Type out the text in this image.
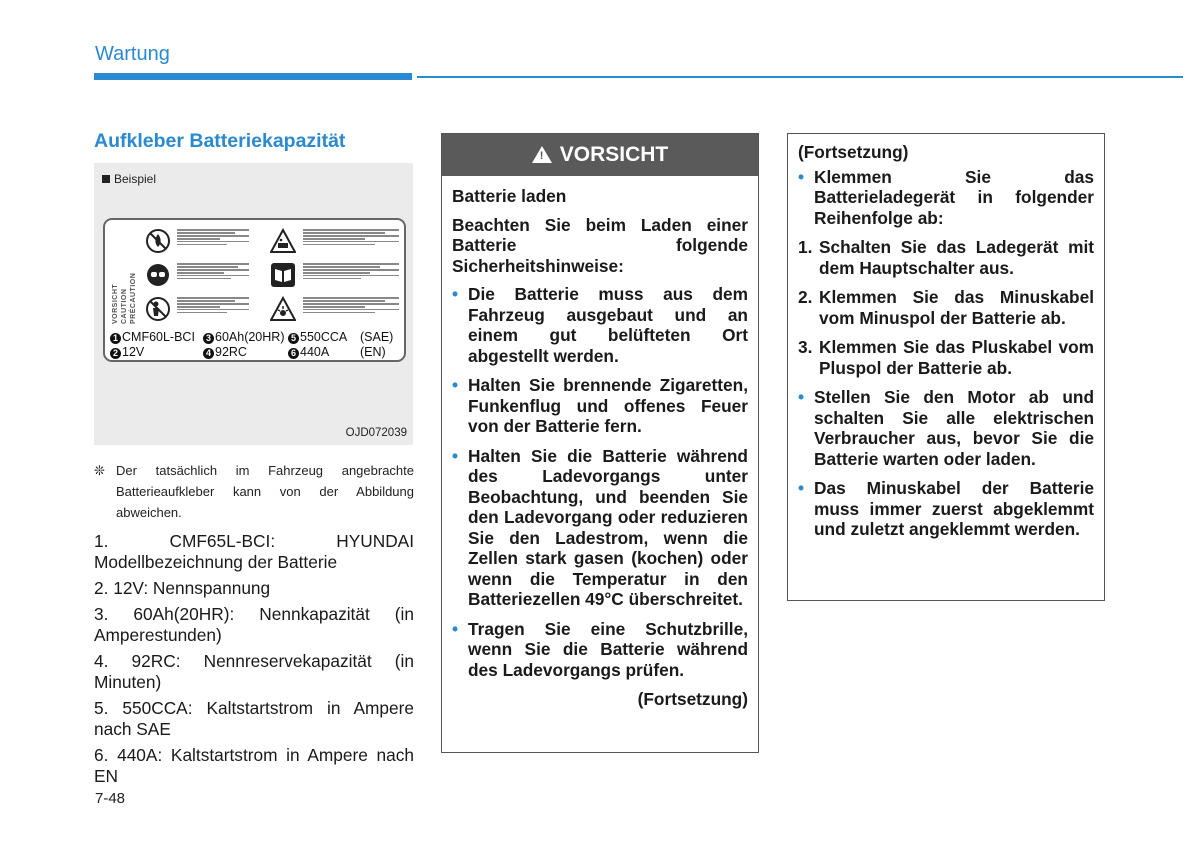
Wartung
Aufkleber Batteriekapazität
Beispiel
VORSICHT CAUTION PRÉCAUTION
1 CMF60L-BCI	3 60Ah(20HR) 5 550CCA (SAE)
2 12V	4 92RC	6 440A (EN)
OJD072039
❊ Der tatsächlich im Fahrzeug angebrachte Batterieaufkleber kann von der Abbildung abweichen.
1. CMF65L-BCI: HYUNDAI Modellbezeichnung der Batterie
2. 12V: Nennspannung
3. 60Ah(20HR): Nennkapazität (in Amperestunden)
4. 92RC: Nennreservekapazität (in Minuten)
5. 550CCA: Kaltstartstrom in Ampere nach SAE
6. 440A: Kaltstartstrom in Ampere nach EN
7-48
! VORSICHT

Batterie laden

Beachten Sie beim Laden einer Batterie folgende Sicherheitshinweise:

• Die Batterie muss aus dem Fahrzeug ausgebaut und an einem gut belüfteten Ort abgestellt werden.
• Halten Sie brennende Zigaretten, Funkenflug und offenes Feuer von der Batterie fern.
• Halten Sie die Batterie während des Ladevorgangs unter Beobachtung, und beenden Sie den Ladevorgang oder reduzieren Sie den Ladestrom, wenn die Zellen stark gasen (kochen) oder wenn die Temperatur in den Batteriezellen 49°C überschreitet.
• Tragen Sie eine Schutzbrille, wenn Sie die Batterie während des Ladevorgangs prüfen.
(Fortsetzung)
(Fortsetzung)
• Klemmen Sie das Batterieladegerät in folgender Reihenfolge ab:
1. Schalten Sie das Ladegerät mit dem Hauptschalter aus.
2. Klemmen Sie das Minuskabel vom Minuspol der Batterie ab.
3. Klemmen Sie das Pluskabel vom Pluspol der Batterie ab.
• Stellen Sie den Motor ab und schalten Sie alle elektrischen Verbraucher aus, bevor Sie die Batterie warten oder laden.
• Das Minuskabel der Batterie muss immer zuerst abgeklemmt und zuletzt angeklemmt werden.
